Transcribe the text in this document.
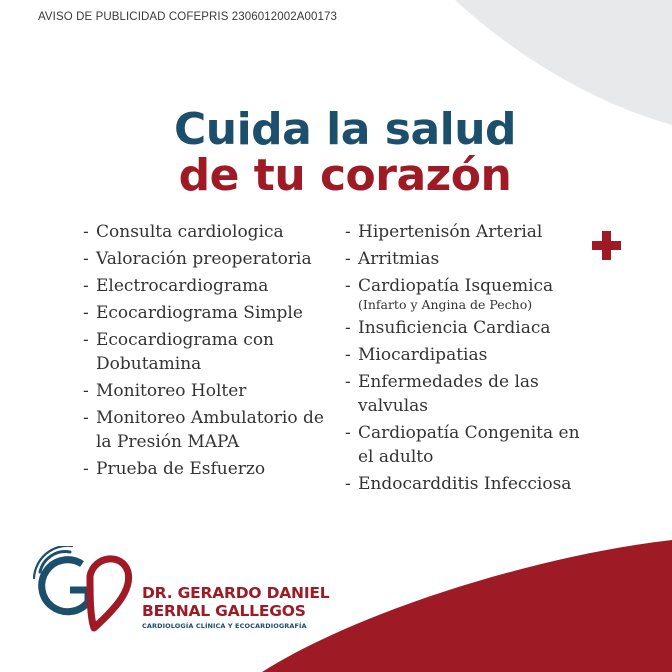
AVISO DE PUBLICIDAD COFEPRIS 2306012002A00173
Cuida la salud
de tu corazón
- Consulta cardiologica
- Valoración preoperatoria
- Electrocardiograma
- Ecocardiograma Simple
- Ecocardiograma con Dobutamina
- Monitoreo Holter
- Monitoreo Ambulatorio de la Presión MAPA
- Prueba de Esfuerzo
- Hipertenisón Arterial
- Arritmias
- Cardiopatía Isquemica
(Infarto y Angina de Pecho)
- Insuficiencia Cardiaca
- Miocardipatias
- Enfermedades de las valvulas
- Cardiopatía Congenita en el adulto
- Endocardditis Infecciosa
DR. GERARDO DANIEL
BERNAL GALLEGOS
CARDIOLOGÍA CLÍNICA Y ECOCARDIOGRAFÍA
